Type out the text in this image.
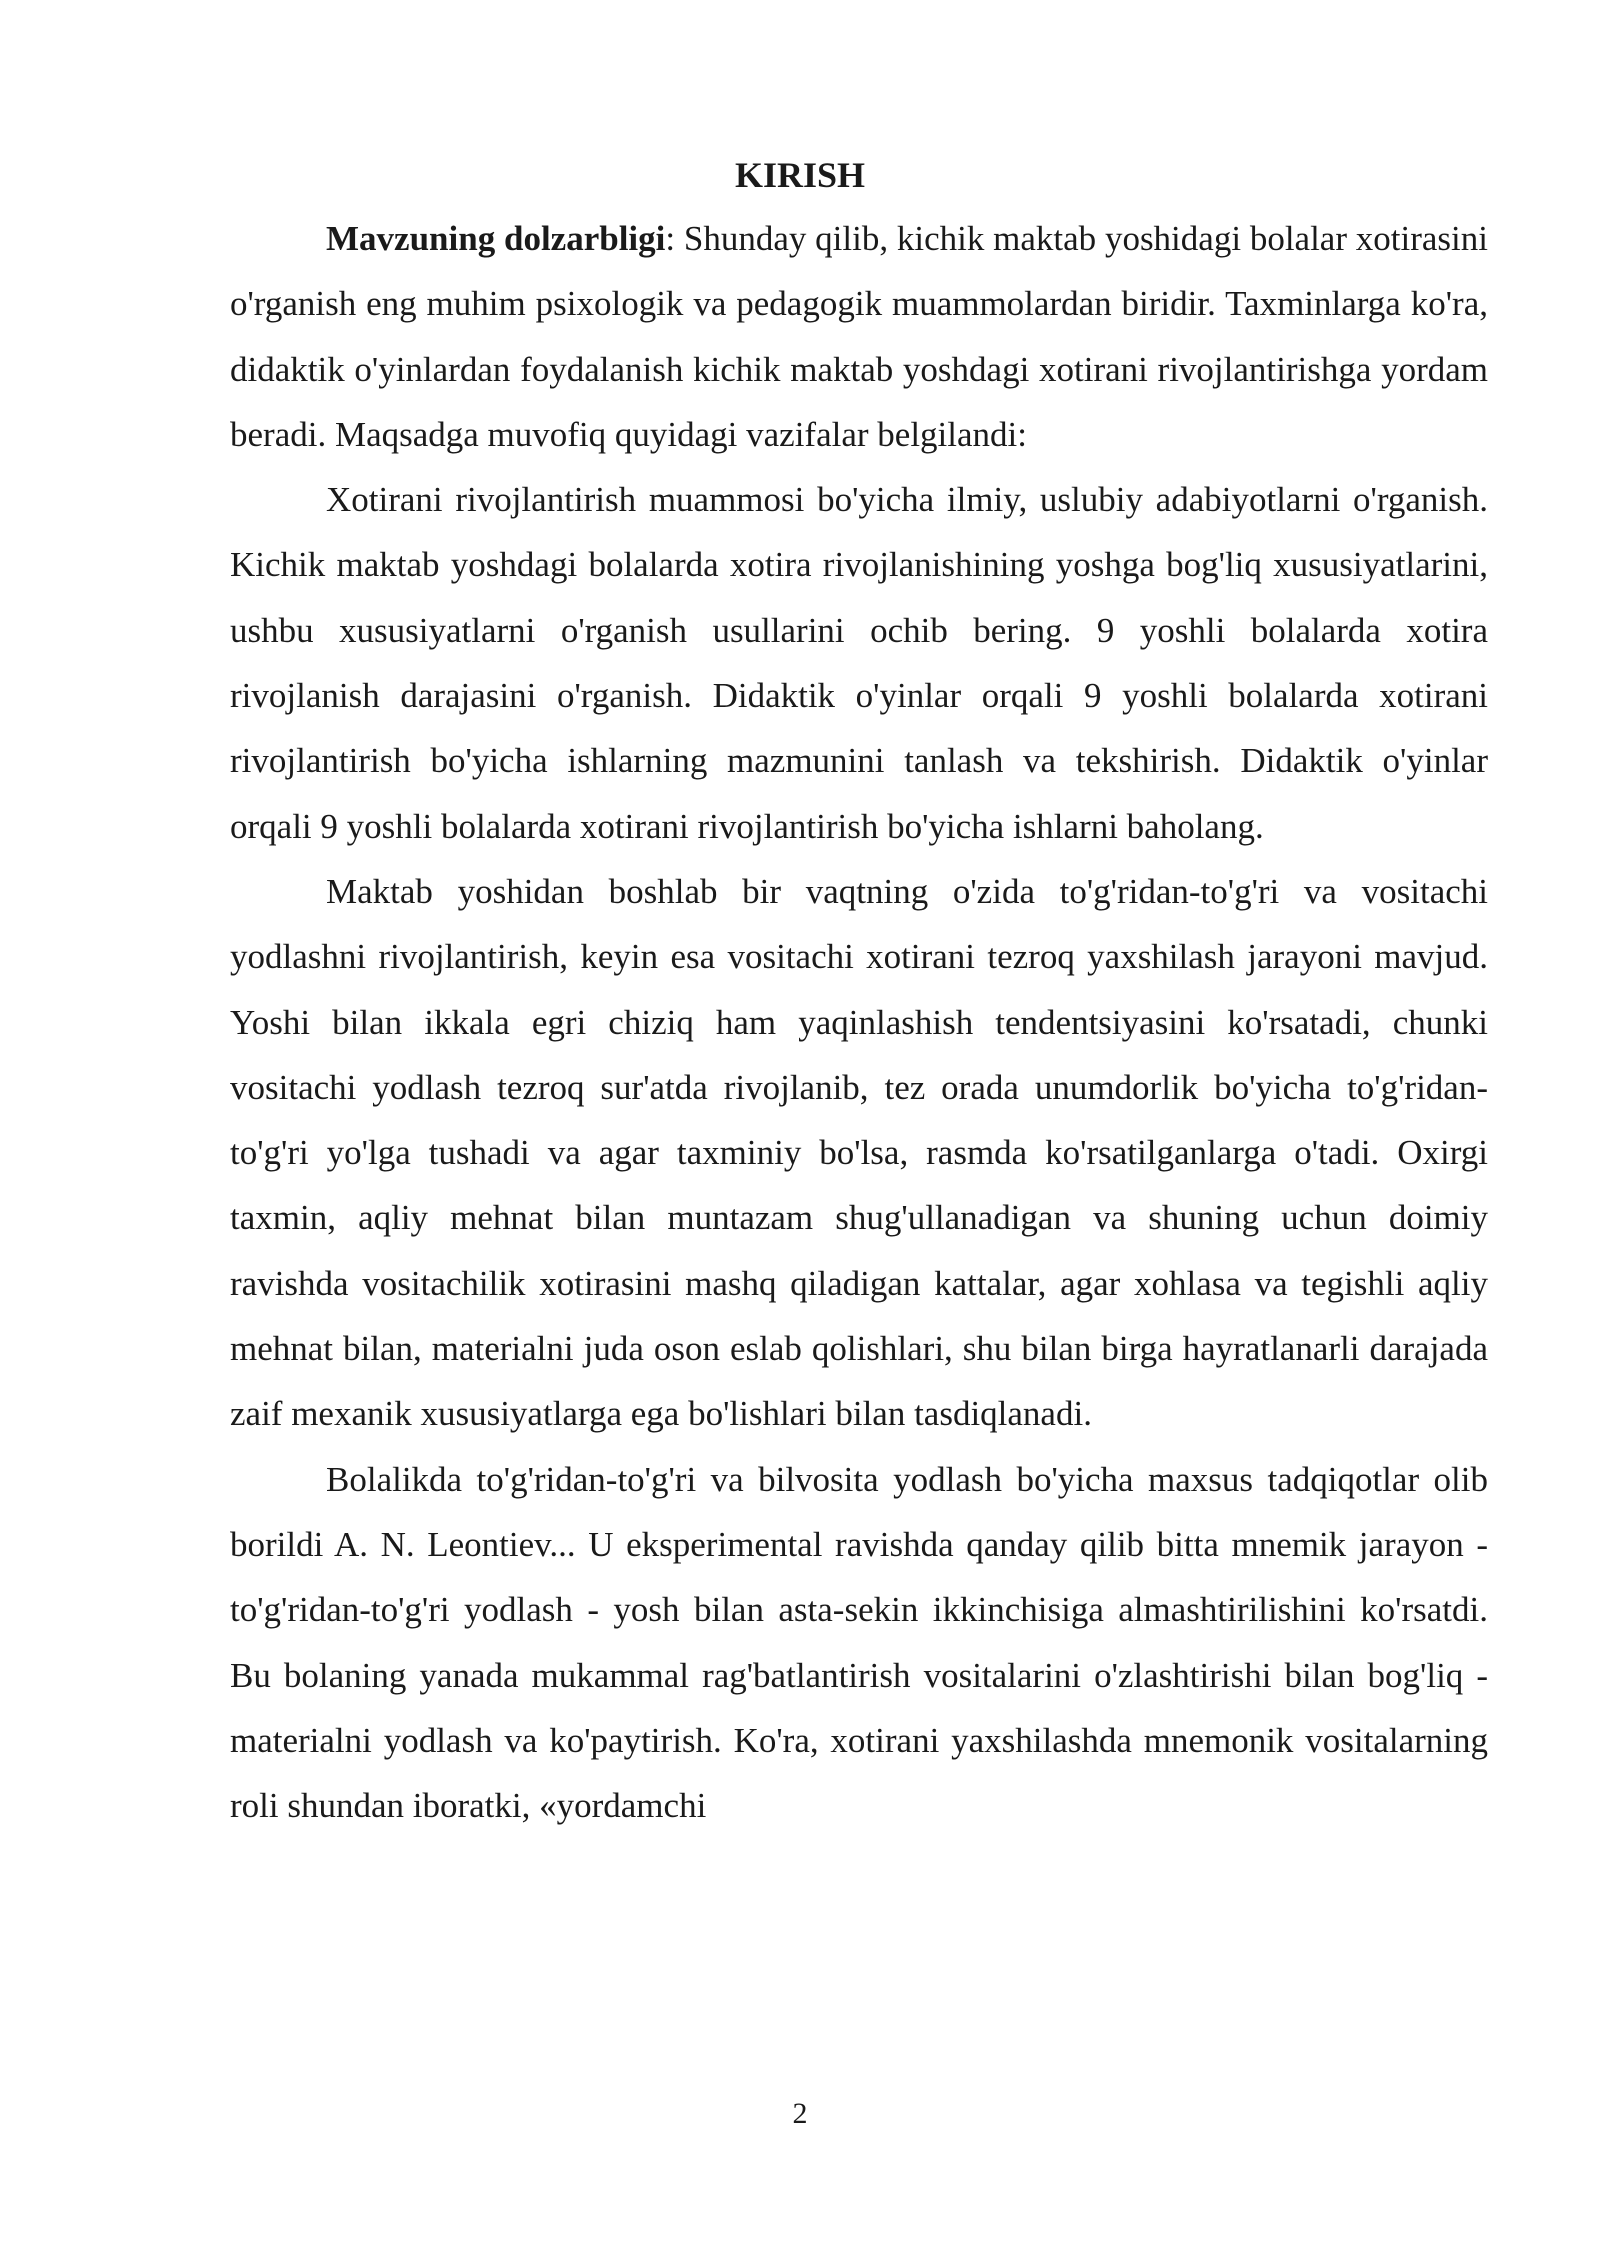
KIRISH

Mavzuning dolzarbligi: Shunday qilib, kichik maktab yoshidagi bolalar xotirasini o'rganish eng muhim psixologik va pedagogik muammolardan biridir. Taxminlarga ko'ra, didaktik o'yinlardan foydalanish kichik maktab yoshdagi xotirani rivojlantirishga yordam beradi. Maqsadga muvofiq quyidagi vazifalar belgilandi:

Xotirani rivojlantirish muammosi bo'yicha ilmiy, uslubiy adabiyotlarni o'rganish. Kichik maktab yoshdagi bolalarda xotira rivojlanishining yoshga bog'liq xususiyatlarini, ushbu xususiyatlarni o'rganish usullarini ochib bering. 9 yoshli bolalarda xotira rivojlanish darajasini o'rganish. Didaktik o'yinlar orqali 9 yoshli bolalarda xotirani rivojlantirish bo'yicha ishlarning mazmunini tanlash va tekshirish. Didaktik o'yinlar orqali 9 yoshli bolalarda xotirani rivojlantirish bo'yicha ishlarni baholang.

Maktab yoshidan boshlab bir vaqtning o'zida to'g'ridan-to'g'ri va vositachi yodlashni rivojlantirish, keyin esa vositachi xotirani tezroq yaxshilash jarayoni mavjud. Yoshi bilan ikkala egri chiziq ham yaqinlashish tendentsiyasini ko'rsatadi, chunki vositachi yodlash tezroq sur'atda rivojlanib, tez orada unumdorlik bo'yicha to'g'ridan-to'g'ri yo'lga tushadi va agar taxminiy bo'lsa, rasmda ko'rsatilganlarga o'tadi. Oxirgi taxmin, aqliy mehnat bilan muntazam shug'ullanadigan va shuning uchun doimiy ravishda vositachilik xotirasini mashq qiladigan kattalar, agar xohlasa va tegishli aqliy mehnat bilan, materialni juda oson eslab qolishlari, shu bilan birga hayratlanarli darajada zaif mexanik xususiyatlarga ega bo'lishlari bilan tasdiqlanadi.

Bolalikda to'g'ridan-to'g'ri va bilvosita yodlash bo'yicha maxsus tadqiqotlar olib borildi A. N. Leontiev... U eksperimental ravishda qanday qilib bitta mnemik jarayon - to'g'ridan-to'g'ri yodlash - yosh bilan asta-sekin ikkinchisiga almashtirilishini ko'rsatdi. Bu bolaning yanada mukammal rag'batlantirish vositalarini o'zlashtirishi bilan bog'liq - materialni yodlash va ko'paytirish. Ko'ra, xotirani yaxshilashda mnemonik vositalarning roli shundan iboratki, «yordamchi

2
